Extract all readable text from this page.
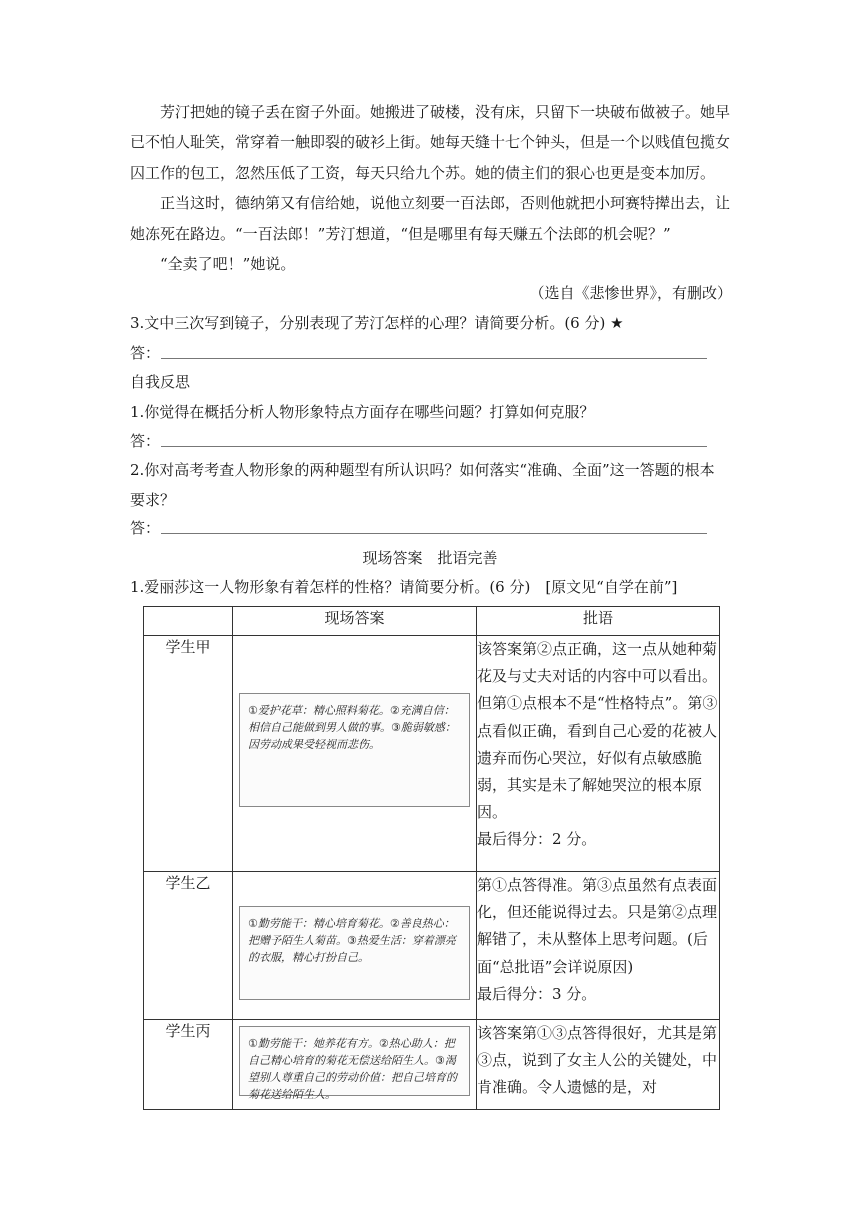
芳汀把她的镜子丢在窗子外面。她搬进了破楼，没有床，只留下一块破布做被子。她早
已不怕人耻笑，常穿着一触即裂的破衫上街。她每天缝十七个钟头，但是一个以贱值包揽女
囚工作的包工，忽然压低了工资，每天只给九个苏。她的债主们的狠心也更是变本加厉。
正当这时，德纳第又有信给她，说他立刻要一百法郎，否则他就把小珂赛特撵出去，让
她冻死在路边。“一百法郎！”芳汀想道，“但是哪里有每天赚五个法郎的机会呢？”
“全卖了吧！”她说。
（选自《悲惨世界》，有删改）
3.文中三次写到镜子，分别表现了芳汀怎样的心理？请简要分析。(6 分) ★
答：
自我反思
1.你觉得在概括分析人物形象特点方面存在哪些问题？打算如何克服？
答：
2.你对高考考查人物形象的两种题型有所认识吗？如何落实“准确、全面”这一答题的根本
要求？
答：
现场答案　批语完善
1.爱丽莎这一人物形象有着怎样的性格？请简要分析。(6 分)　[原文见“自学在前”]
	现场答案	批语
学生甲	①爱护花草：精心照料菊花。②充满自信：相信自己能做到男人做的事。③脆弱敏感：因劳动成果受轻视而悲伤。	该答案第②点正确，这一点从她种菊花及与丈夫对话的内容中可以看出。但第①点根本不是“性格特点”。第③点看似正确，看到自己心爱的花被人遗弃而伤心哭泣，好似有点敏感脆弱，其实是未了解她哭泣的根本原因。
最后得分：2 分。

学生乙	①勤劳能干：精心培育菊花。②善良热心：把赠予陌生人菊苗。③热爱生活：穿着漂亮的衣服，精心打扮自己。	第①点答得准。第③点虽然有点表面化，但还能说得过去。只是第②点理解错了，未从整体上思考问题。(后面“总批语”会详说原因)
最后得分：3 分。

学生丙	①勤劳能干：她养花有方。②热心助人：把自己精心培育的菊花无偿送给陌生人。③渴望别人尊重自己的劳动价值：把自己培育的菊花送给陌生人。	该答案第①③点答得很好，尤其是第③点，说到了女主人公的关键处，中肯准确。令人遗憾的是，对
